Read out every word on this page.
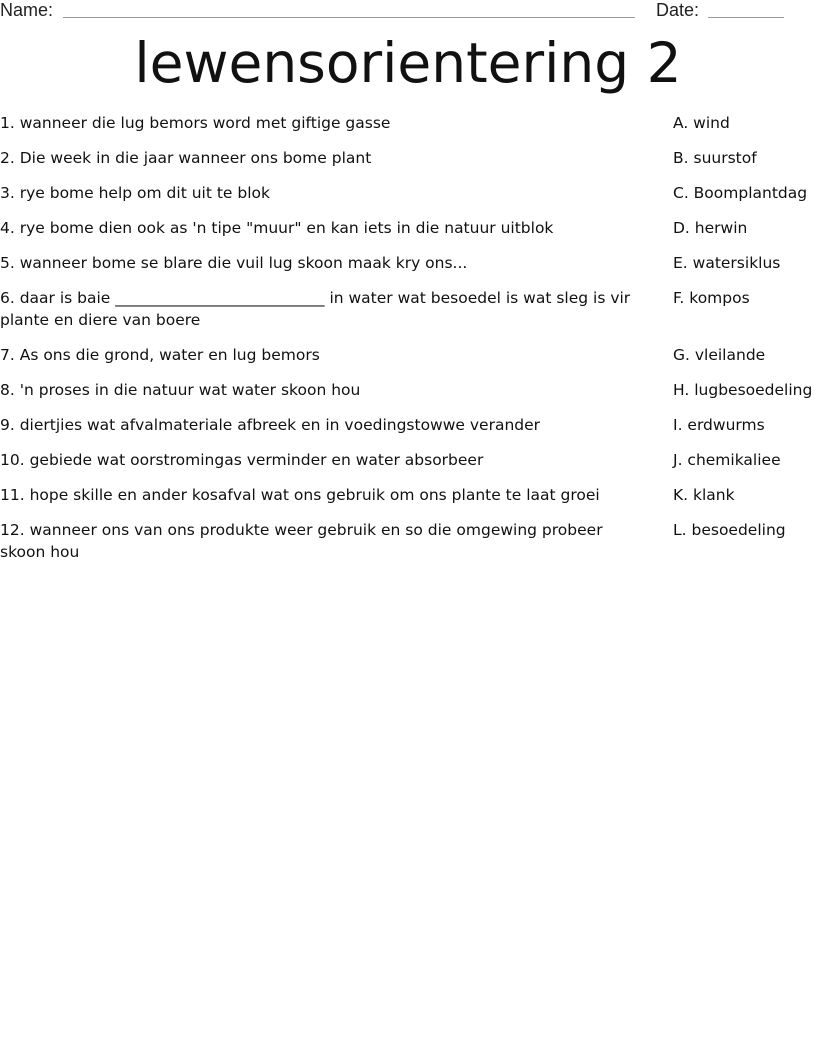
Name:	Date:
lewensorientering 2

1. wanneer die lug bemors word met giftige gasse

2. Die week in die jaar wanneer ons bome plant

3. rye bome help om dit uit te blok

4. rye bome dien ook as 'n tipe "muur" en kan iets in die natuur uitblok

5. wanneer bome se blare die vuil lug skoon maak kry ons...

6. daar is baie ___________________________ in water wat besoedel is wat sleg is vir plante en diere van boere

7. As ons die grond, water en lug bemors

8. 'n proses in die natuur wat water skoon hou

9. diertjies wat afvalmateriale afbreek en in voedingstowwe verander

10. gebiede wat oorstromingas verminder en water absorbeer

11. hope skille en ander kosafval wat ons gebruik om ons plante te laat groei

12. wanneer ons van ons produkte weer gebruik en so die omgewing probeer skoon hou

A. wind

B. suurstof

C. Boomplantdag

D. herwin

E. watersiklus

F. kompos

G. vleilande

H. lugbesoedeling

I. erdwurms

J. chemikaliee

K. klank

L. besoedeling
